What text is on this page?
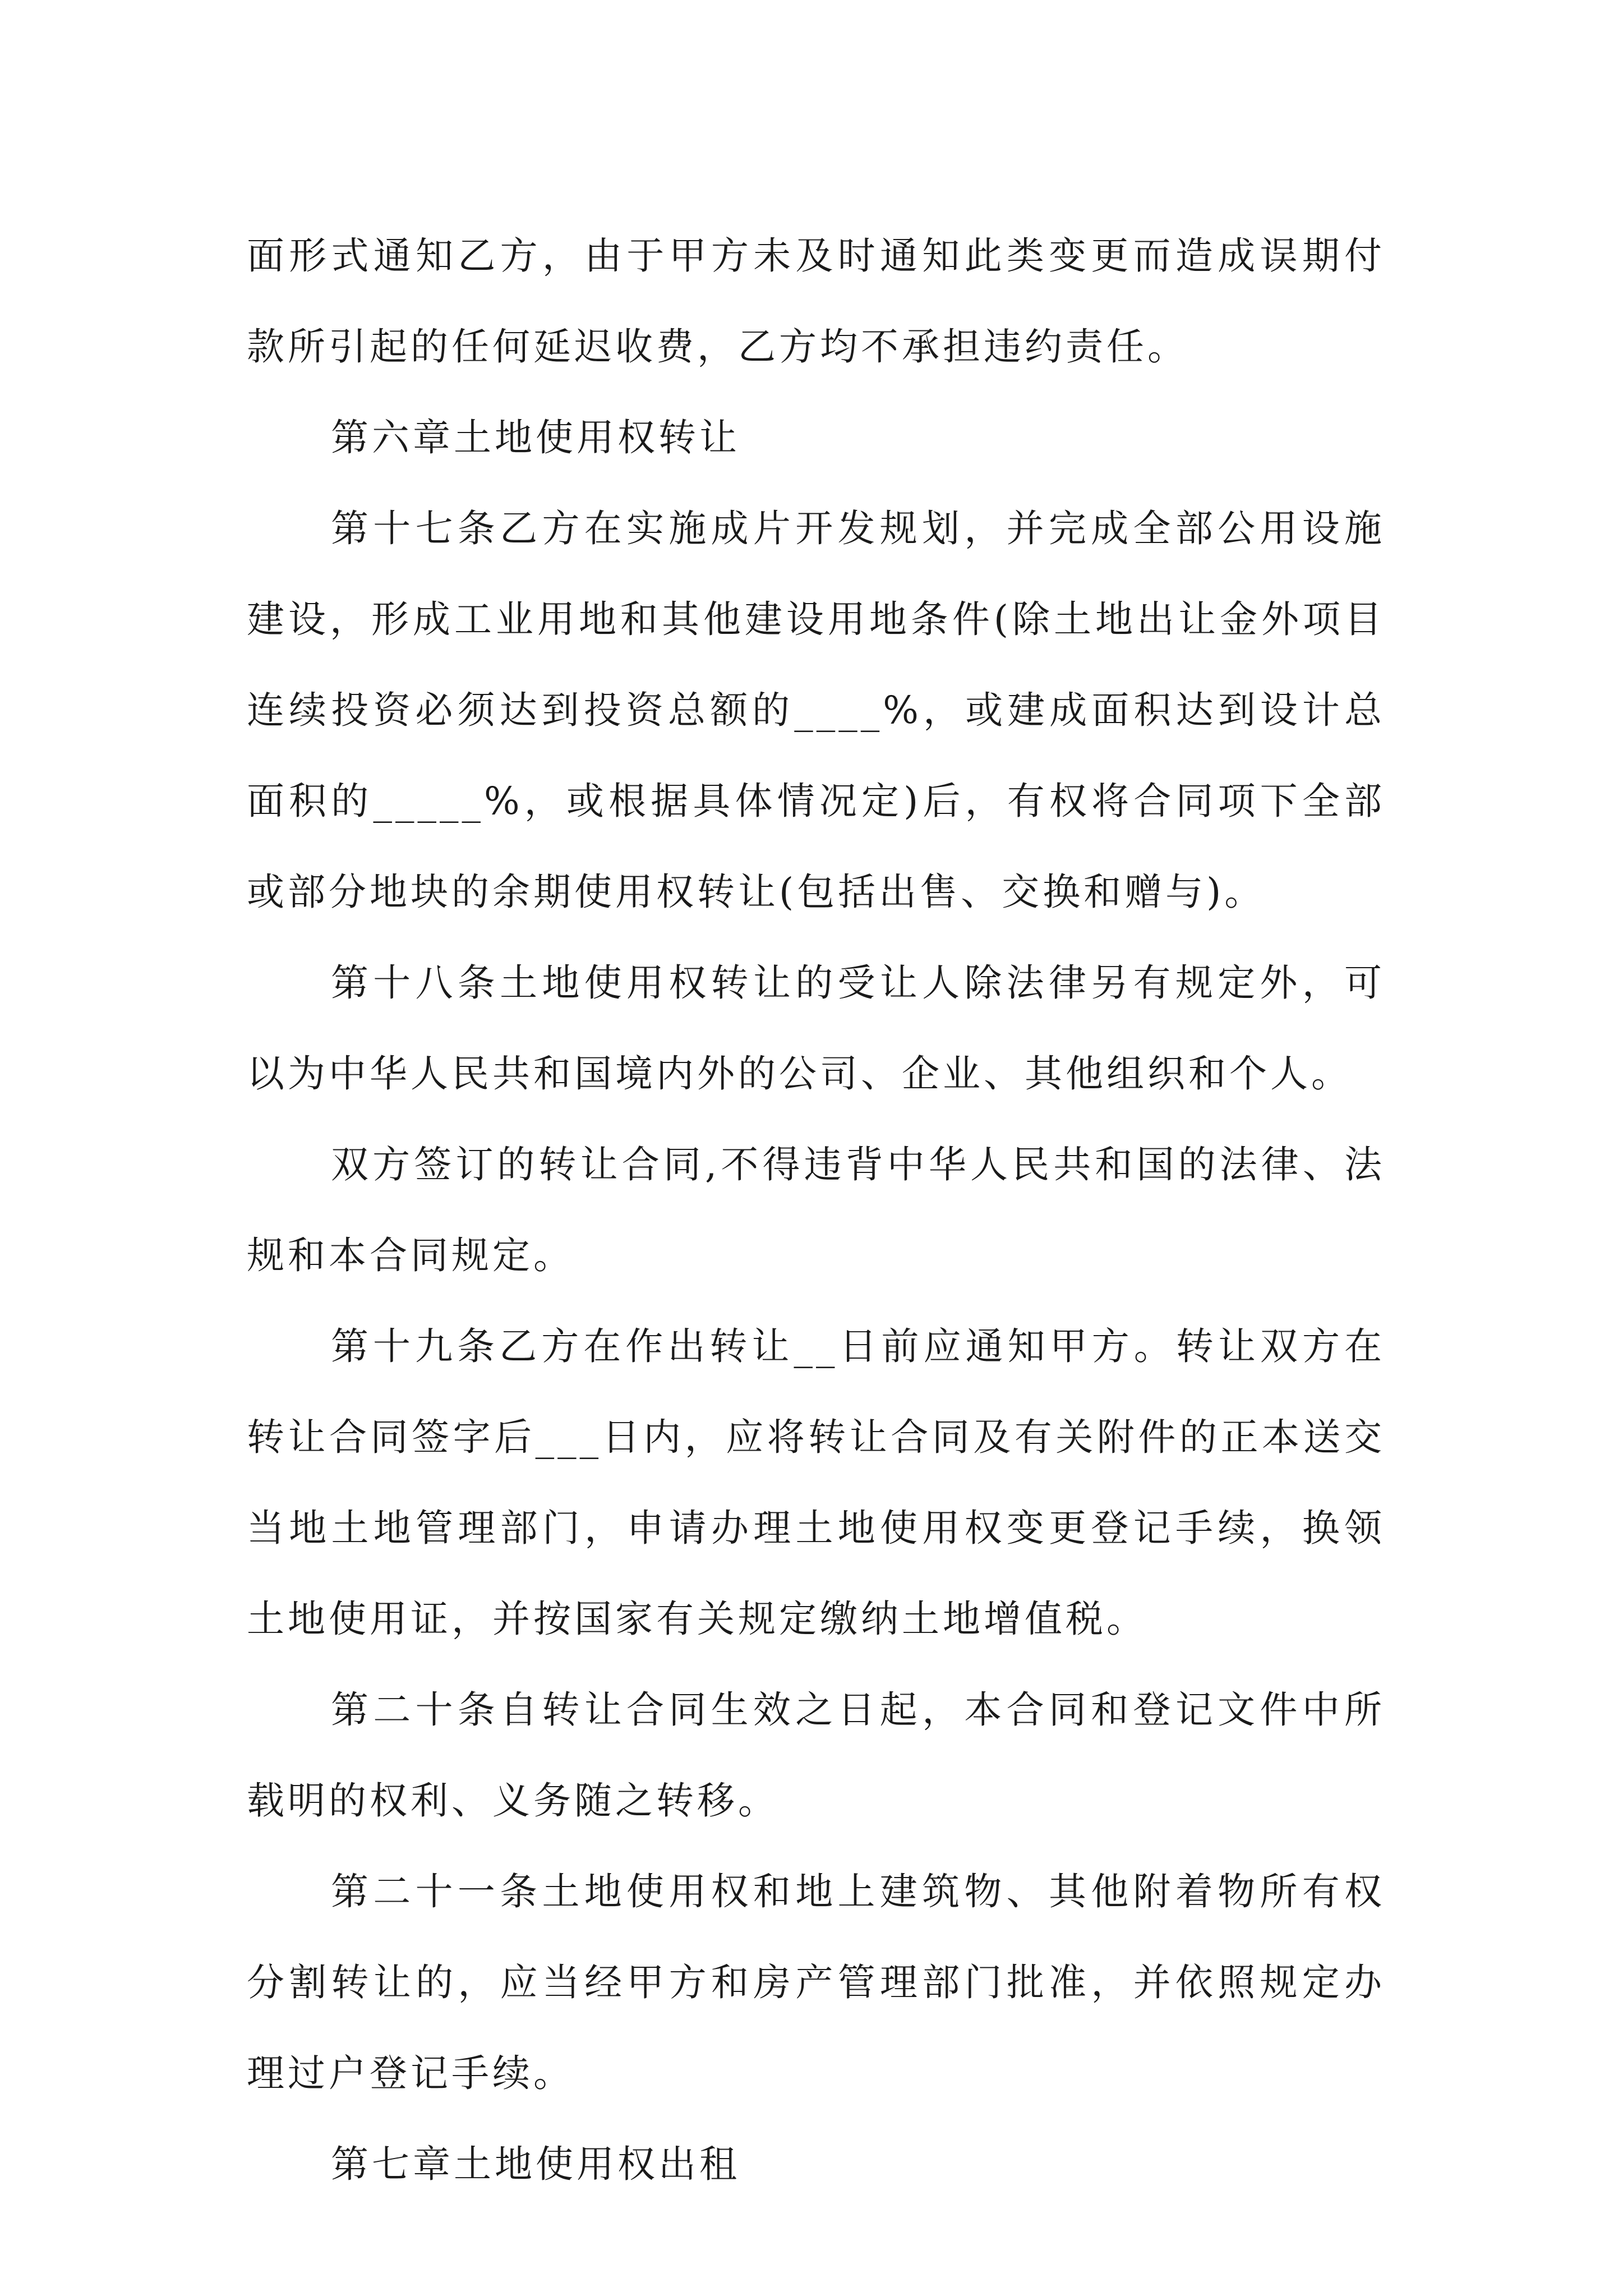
面形式通知乙方，由于甲方未及时通知此类变更而造成误期付款所引起的任何延迟收费，乙方均不承担违约责任。

第六章土地使用权转让

第十七条乙方在实施成片开发规划，并完成全部公用设施建设，形成工业用地和其他建设用地条件(除土地出让金外项目连续投资必须达到投资总额的____%，或建成面积达到设计总面积的_____%，或根据具体情况定)后，有权将合同项下全部或部分地块的余期使用权转让(包括出售、交换和赠与)。

第十八条土地使用权转让的受让人除法律另有规定外，可以为中华人民共和国境内外的公司、企业、其他组织和个人。

双方签订的转让合同,不得违背中华人民共和国的法律、法规和本合同规定。

第十九条乙方在作出转让__日前应通知甲方。转让双方在转让合同签字后___日内，应将转让合同及有关附件的正本送交当地土地管理部门，申请办理土地使用权变更登记手续，换领土地使用证，并按国家有关规定缴纳土地增值税。

第二十条自转让合同生效之日起，本合同和登记文件中所载明的权利、义务随之转移。

第二十一条土地使用权和地上建筑物、其他附着物所有权分割转让的，应当经甲方和房产管理部门批准，并依照规定办理过户登记手续。

第七章土地使用权出租
